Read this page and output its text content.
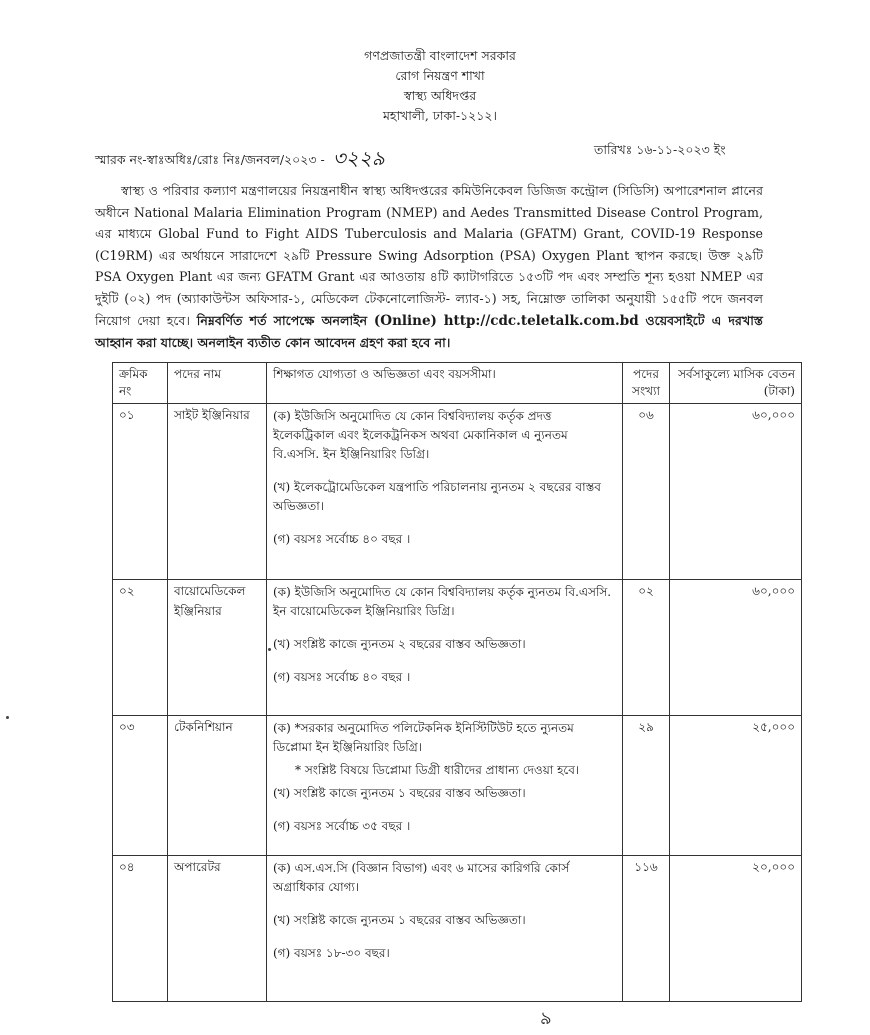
গণপ্রজাতন্ত্রী বাংলাদেশ সরকার
রোগ নিয়ন্ত্রণ শাখা
স্বাস্থ্য অধিদপ্তর
মহাখালী, ঢাকা-১২১২।
স্মারক নং-স্বাঃঅধিঃ/রোঃ নিঃ/জনবল/২০২৩ - ৩২২৯	তারিখঃ ১৬-১১-২০২৩ ইং
স্বাস্থ্য ও পরিবার কল্যাণ মন্ত্রণালয়ের নিয়ন্ত্রনাধীন স্বাস্থ্য অধিদপ্তরের কমিউনিকেবল ডিজিজ কন্ট্রোল (সিডিসি) অপারেশনাল প্লানের অধীনে National Malaria Elimination Program (NMEP) and Aedes Transmitted Disease Control Program, এর মাধ্যমে Global Fund to Fight AIDS Tuberculosis and Malaria (GFATM) Grant, COVID-19 Response (C19RM) এর অর্থায়নে সারাদেশে ২৯টি Pressure Swing Adsorption (PSA) Oxygen Plant স্থাপন করছে। উক্ত ২৯টি PSA Oxygen Plant এর জন্য GFATM Grant এর আওতায় ৪টি ক্যাটাগরিতে ১৫৩টি পদ এবং সম্প্রতি শূন্য হওয়া NMEP এর দুইটি (০২) পদ (অ্যাকাউন্টস অফিসার-১, মেডিকেল টেকনোলোজিস্ট- ল্যাব-১) সহ, নিম্নোক্ত তালিকা অনুযায়ী ১৫৫টি পদে জনবল নিয়োগ দেয়া হবে। নিম্নবর্ণিত শর্ত সাপেক্ষে অনলাইন (Online) http://cdc.teletalk.com.bd ওয়েবসাইটে এ দরখাস্ত আহ্বান করা যাচ্ছে। অনলাইন ব্যতীত কোন আবেদন গ্রহণ করা হবে না।
ক্রমিক নং	পদের নাম	শিক্ষাগত যোগ্যতা ও অভিজ্ঞতা এবং বয়সসীমা।	পদের সংখ্যা	সর্বসাকুল্যে মাসিক বেতন (টাকা)
০১	সাইট ইঞ্জিনিয়ার	(ক) ইউজিসি অনুমোদিত যে কোন বিশ্ববিদ্যালয় কর্তৃক প্রদত্ত ইলেকট্রিকাল এবং ইলেকট্রনিকস অথবা মেকানিকাল এ ন্যুনতম বি.এসসি. ইন ইঞ্জিনিয়ারিং ডিগ্রি।
(খ) ইলেকট্রোমেডিকেল যন্ত্রপাতি পরিচালনায় ন্যুনতম ২ বছরের বাস্তব অভিজ্ঞতা।
(গ) বয়সঃ সর্বোচ্চ ৪০ বছর ।	০৬	৬০,০০০
০২	বায়োমেডিকেল ইঞ্জিনিয়ার	(ক) ইউজিসি অনুমোদিত যে কোন বিশ্ববিদ্যালয় কর্তৃক ন্যুনতম বি.এসসি. ইন বায়োমেডিকেল ইঞ্জিনিয়ারিং ডিগ্রি।
(খ) সংশ্লিষ্ট কাজে ন্যুনতম ২ বছরের বাস্তব অভিজ্ঞতা।
(গ) বয়সঃ সর্বোচ্চ ৪০ বছর ।	০২	৬০,০০০
০৩	টেকনিশিয়ান	(ক) *সরকার অনুমোদিত পলিটেকনিক ইনিস্টিটিউট হতে ন্যুনতম ডিপ্লোমা ইন ইঞ্জিনিয়ারিং ডিগ্রি।
* সংশ্লিষ্ট বিষয়ে ডিপ্লোমা ডিগ্রী ধারীদের প্রাধান্য দেওয়া হবে।
(খ) সংশ্লিষ্ট কাজে ন্যুনতম ১ বছরের বাস্তব অভিজ্ঞতা।
(গ) বয়সঃ সর্বোচ্চ ৩৫ বছর ।	২৯	২৫,০০০
০৪	অপারেটর	(ক) এস.এস.সি (বিজ্ঞান বিভাগ) এবং ৬ মাসের কারিগরি কোর্স অগ্রাধিকার যোগ্য।
(খ) সংশ্লিষ্ট কাজে ন্যুনতম ১ বছরের বাস্তব অভিজ্ঞতা।
(গ) বয়সঃ ১৮-৩০ বছর।	১১৬	২০,০০০
৯
